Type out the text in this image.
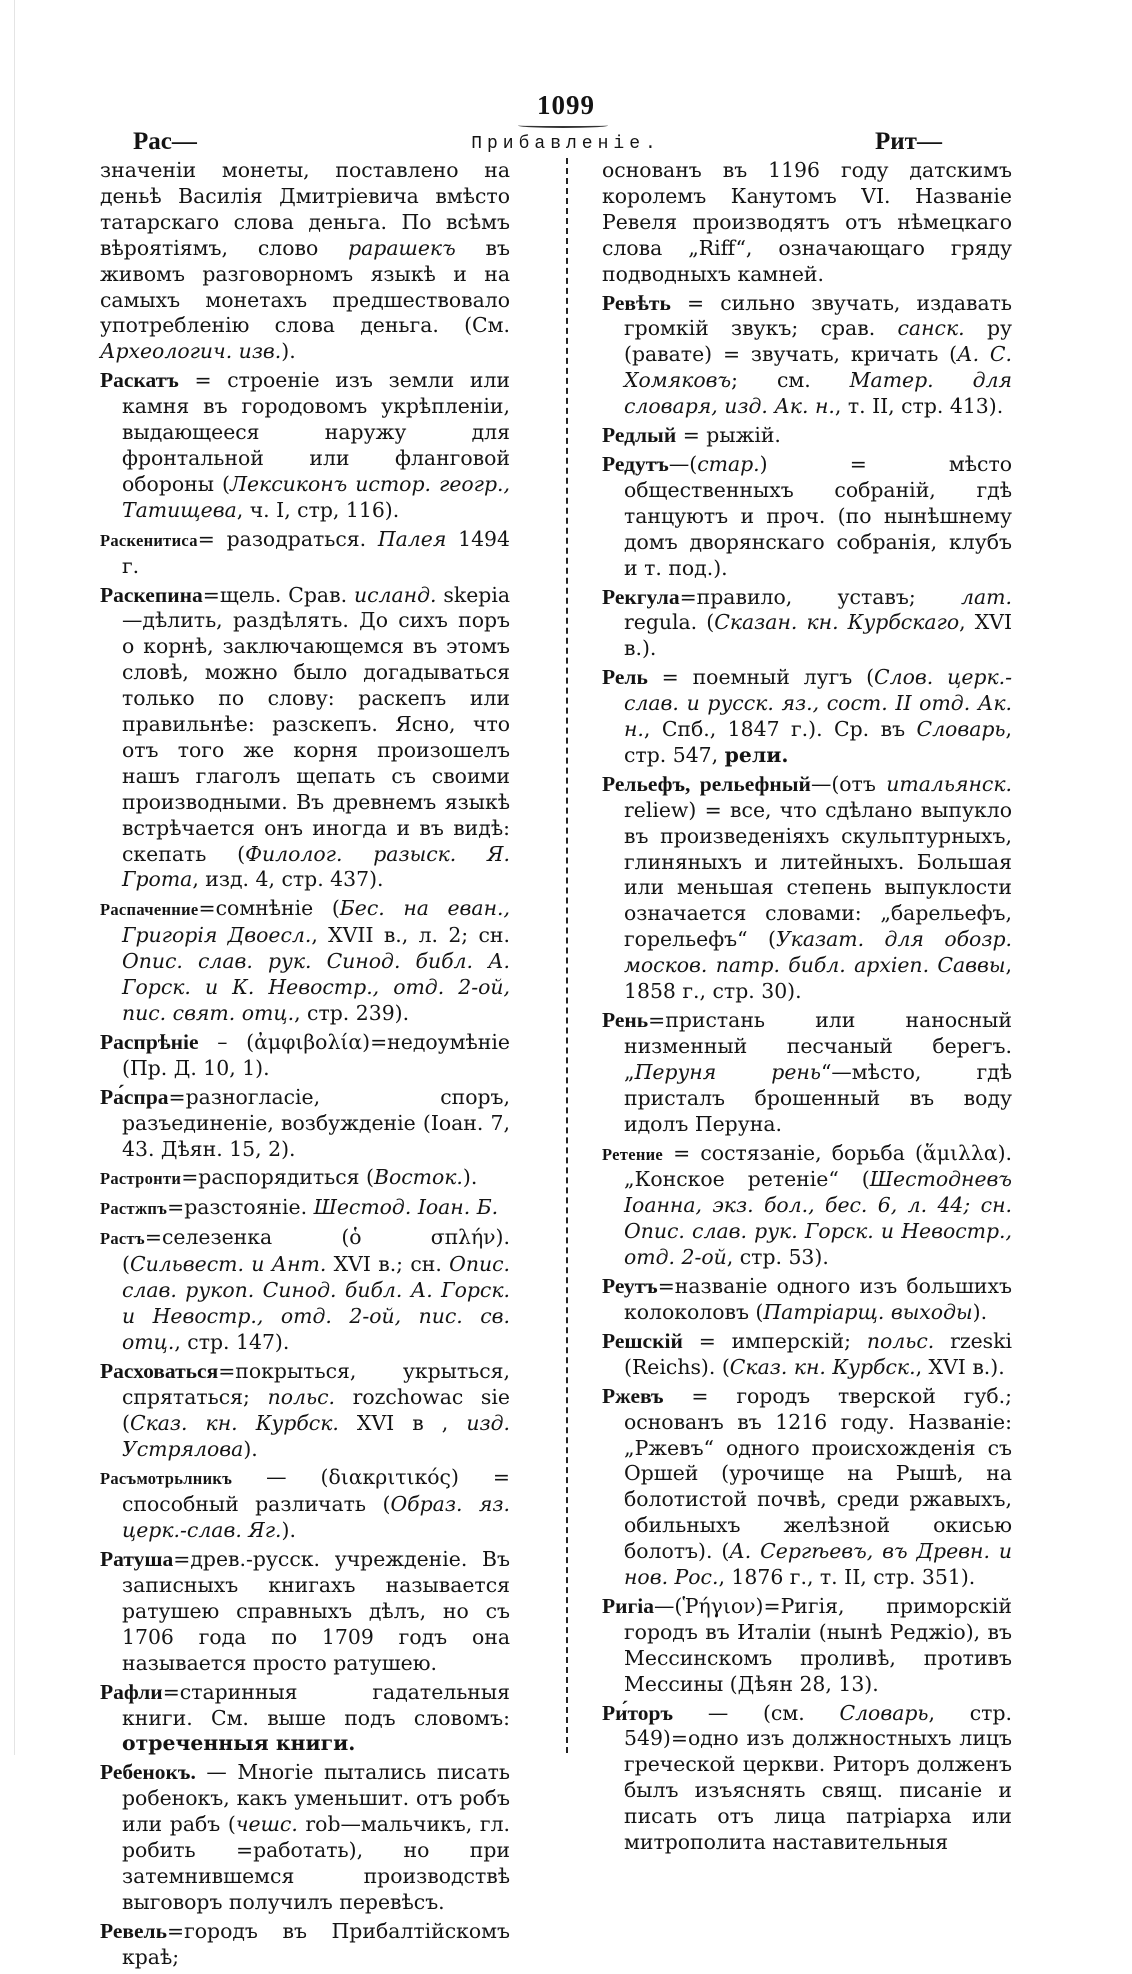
1099
Рас—	Прибавленіе.	Рит—

значеніи монеты, поставлено на деньѣ Василія Дмитріевича вмѣсто татарскаго слова деньга. По всѣмъ вѣроятіямъ, слово рарашекъ въ живомъ разговорномъ языкѣ и на самыхъ монетахъ предшествовало употребленію слова деньга. (См. Археологич. изв.).

Раскатъ = строеніе изъ земли или камня въ городовомъ укрѣпленіи, выдающееся наружу для фронтальной или фланговой обороны (Лексиконъ истор. геогр., Татищева, ч. I, стр, 116).

Раскенитиса= разодраться. Палея 1494 г.

Раскепина=щель. Срав. исланд. skepia —дѣлить, раздѣлять. До сихъ поръ о корнѣ, заключающемся въ этомъ словѣ, можно было догадываться только по слову: раскепъ или правильнѣе: разскепъ. Ясно, что отъ того же корня произошелъ нашъ глаголъ щепать съ своими производными. Въ древнемъ языкѣ встрѣчается онъ иногда и въ видѣ: скепать (Филолог. разыск. Я. Грота, изд. 4, стр. 437).

Распаченние=сомнѣніе (Бес. на еван., Григорія Двоесл., XVII в., л. 2; сн. Опис. слав. рук. Синод. библ. А. Горск. и К. Невостр., отд. 2-ой, пис. свят. отц., стр. 239).

Распрѣніе – (ἀμφιβολία)=недоумѣніе (Пр. Д. 10, 1).

Ра́спра=разногласіе, споръ, разъединеніе, возбужденіе (Іоан. 7, 43. Дѣян. 15, 2).

Растронти=распорядиться (Восток.).

Растжпъ=разстояніе. Шестод. Іоан. Б.

Растъ=селезенка (ὁ σπλήν). (Сильвест. и Ант. XVI в.; сн. Опис. слав. рукоп. Синод. библ. А. Горск. и Невостр., отд. 2-ой, пис. св. отц., стр. 147).

Расховаться=покрыться, укрыться, спрятаться; польс. rozchowac sie (Сказ. кн. Курбск. XVI в , изд. Устрялова).

Расъмотрьлникъ — (διακριτικός) = способный различать (Образ. яз. церк.-слав. Яг.).

Ратуша=древ.-русск. учрежденіе. Въ записныхъ книгахъ называется ратушею справныхъ дѣлъ, но съ 1706 года по 1709 годъ она называется просто ратушею.

Рафли=старинныя гадательныя книги. См. выше подъ словомъ: отреченныя книги.

Ребенокъ. — Многіе пытались писать робенокъ, какъ уменьшит. отъ робъ или рабъ (чешс. rob—мальчикъ, гл. робить =работать), но при затемнившемся производствѣ выговоръ получилъ перевѣсъ.

Ревель=городъ въ Прибалтійскомъ краѣ;

основанъ въ 1196 году датскимъ королемъ Канутомъ VI. Названіе Ревеля производятъ отъ нѣмецкаго слова „Riff“, означающаго гряду подводныхъ камней.

Ревѣть = сильно звучать, издавать громкій звукъ; срав. санск. ру (равате) = звучать, кричать (А. С. Хомяковъ; см. Матер. для словаря, изд. Ак. н., т. II, стр. 413).

Редлый = рыжій.

Редутъ—(стар.) = мѣсто общественныхъ собраній, гдѣ танцуютъ и проч. (по нынѣшнему домъ дворянскаго собранія, клубъ и т. под.).

Рекгула=правило, уставъ; лат. regula. (Сказан. кн. Курбскаго, XVI в.).

Рель = поемный лугъ (Слов. церк.-слав. и русск. яз., сост. II отд. Ак. н., Спб., 1847 г.). Ср. въ Словарь, стр. 547, рели.

Рельефъ, рельефный—(отъ итальянск. reliew) = все, что сдѣлано выпукло въ произведеніяхъ скульптурныхъ, глиняныхъ и литейныхъ. Большая или меньшая степень выпуклости означается словами: „барельефъ, горельефъ“ (Указат. для обозр. москов. патр. библ. архіеп. Саввы, 1858 г., стр. 30).

Рень=пристань или наносный низменный песчаный берегъ. „Перуня рень“—мѣсто, гдѣ присталъ брошенный въ воду идолъ Перуна.

Ретение = состязаніе, борьба (ἅμιλλα). „Конское ретеніе“ (Шестодневъ Іоанна, экз. бол., бес. 6, л. 44; сн. Опис. слав. рук. Горск. и Невостр., отд. 2-ой, стр. 53).

Реутъ=названіе одного изъ большихъ колоколовъ (Патріарщ. выходы).

Решскій = имперскій; польс. rzeski (Reichs). (Сказ. кн. Курбск., XVI в.).

Ржевъ = городъ тверской губ.; основанъ въ 1216 году. Названіе: „Ржевъ“ одного происхожденія съ Оршей (урочище на Рышѣ, на болотистой почвѣ, среди ржавыхъ, обильныхъ желѣзной окисью болотъ). (А. Сергѣевъ, въ Древн. и нов. Рос., 1876 г., т. II, стр. 351).

Ригіа—(Ῥήγιον)=Ригія, приморскій городъ въ Италіи (нынѣ Реджіо), въ Мессинскомъ проливѣ, противъ Мессины (Дѣян 28, 13).

Ри́торъ — (см. Словарь, стр. 549)=одно изъ должностныхъ лицъ греческой церкви. Риторъ долженъ былъ изъяснять свящ. писаніе и писать отъ лица патріарха или митрополита наставительныя
